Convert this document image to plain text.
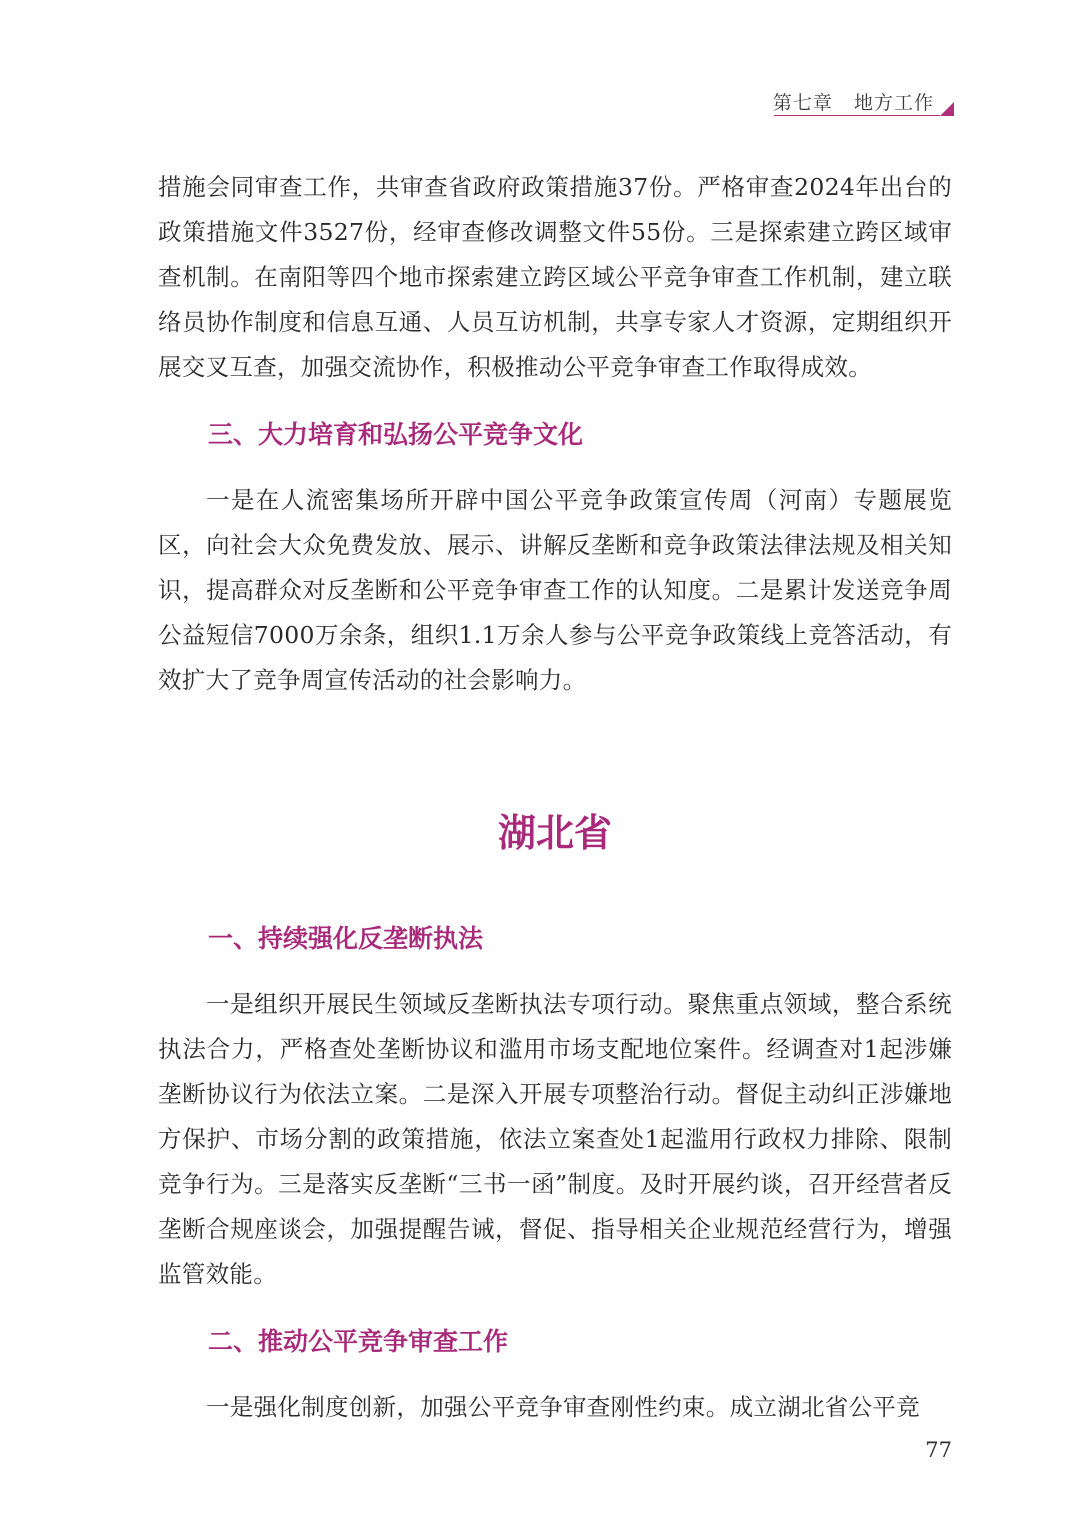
第七章 地方工作

措施会同审查工作，共审查省政府政策措施37份。严格审查2024年出台的政策措施文件3527份，经审查修改调整文件55份。三是探索建立跨区域审查机制。在南阳等四个地市探索建立跨区域公平竞争审查工作机制，建立联络员协作制度和信息互通、人员互访机制，共享专家人才资源，定期组织开展交叉互查，加强交流协作，积极推动公平竞争审查工作取得成效。

三、大力培育和弘扬公平竞争文化

一是在人流密集场所开辟中国公平竞争政策宣传周（河南）专题展览区，向社会大众免费发放、展示、讲解反垄断和竞争政策法律法规及相关知识，提高群众对反垄断和公平竞争审查工作的认知度。二是累计发送竞争周公益短信7000万余条，组织1.1万余人参与公平竞争政策线上竞答活动，有效扩大了竞争周宣传活动的社会影响力。

湖北省
一、持续强化反垄断执法

一是组织开展民生领域反垄断执法专项行动。聚焦重点领域，整合系统执法合力，严格查处垄断协议和滥用市场支配地位案件。经调查对1起涉嫌垄断协议行为依法立案。二是深入开展专项整治行动。督促主动纠正涉嫌地方保护、市场分割的政策措施，依法立案查处1起滥用行政权力排除、限制竞争行为。三是落实反垄断“三书一函”制度。及时开展约谈，召开经营者反垄断合规座谈会，加强提醒告诫，督促、指导相关企业规范经营行为，增强监管效能。

二、推动公平竞争审查工作

一是强化制度创新，加强公平竞争审查刚性约束。成立湖北省公平竞

77
